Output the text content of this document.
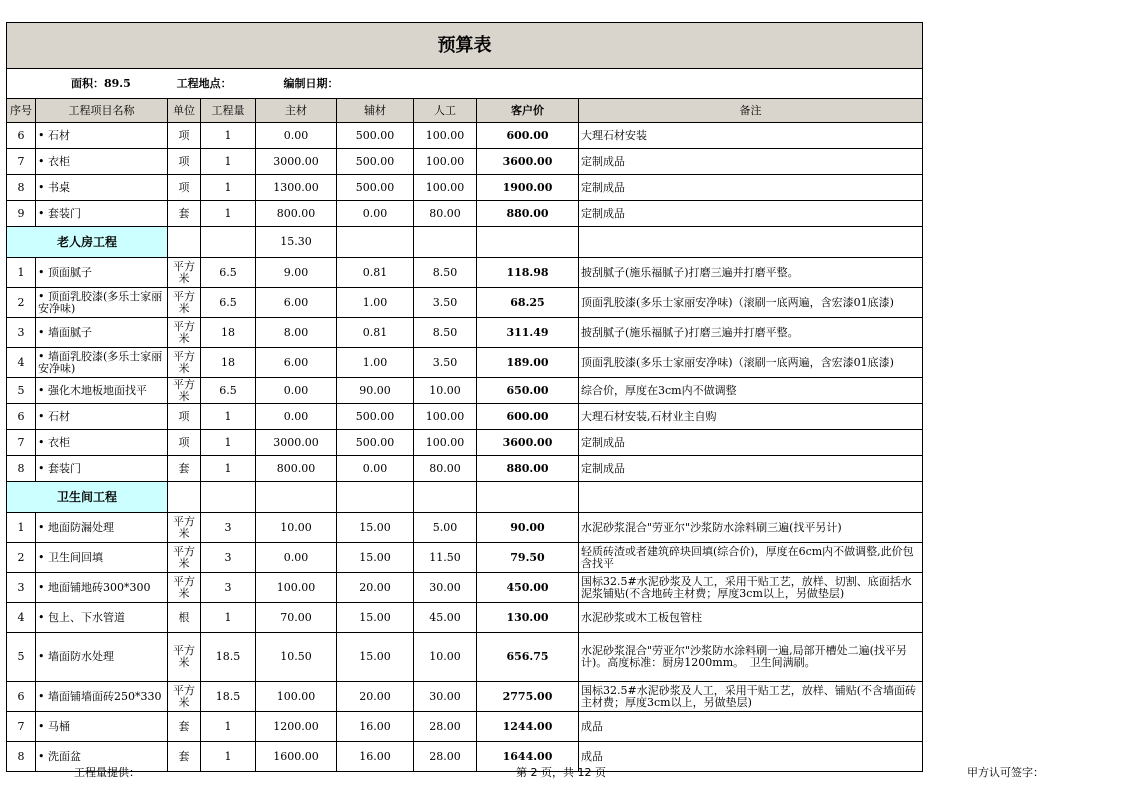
预算表								
面积：89.5 工程地点： 编制日期：								
序号	工程项目名称	单位	工程量	主材	辅材	人工	客户价	备注
6	• 石材	项	1	0.00	500.00	100.00	600.00	大理石材安装
7	• 衣柜	项	1	3000.00	500.00	100.00	3600.00	定制成品
8	• 书桌	项	1	1300.00	500.00	100.00	1900.00	定制成品
9	• 套装门	套	1	800.00	0.00	80.00	880.00	定制成品
老人房工程				15.30				
1	• 顶面腻子	平方米	6.5	9.00	0.81	8.50	118.98	披刮腻子(施乐福腻子)打磨三遍并打磨平整。
2	• 顶面乳胶漆(多乐士家丽安净味)	平方米	6.5	6.00	1.00	3.50	68.25	顶面乳胶漆(多乐士家丽安净味)（滚刷一底两遍，含宏漆01底漆)
3	• 墙面腻子	平方米	18	8.00	0.81	8.50	311.49	披刮腻子(施乐福腻子)打磨三遍并打磨平整。
4	• 墙面乳胶漆(多乐士家丽安净味)	平方米	18	6.00	1.00	3.50	189.00	顶面乳胶漆(多乐士家丽安净味)（滚刷一底两遍，含宏漆01底漆)
5	• 强化木地板地面找平	平方米	6.5	0.00	90.00	10.00	650.00	综合价，厚度在3cm内不做调整
6	• 石材	项	1	0.00	500.00	100.00	600.00	大理石材安装,石材业主自购
7	• 衣柜	项	1	3000.00	500.00	100.00	3600.00	定制成品
8	• 套装门	套	1	800.00	0.00	80.00	880.00	定制成品
卫生间工程								
1	• 地面防漏处理	平方米	3	10.00	15.00	5.00	90.00	水泥砂浆混合"劳亚尔"沙浆防水涂料刷三遍(找平另计)
2	• 卫生间回填	平方米	3	0.00	15.00	11.50	79.50	轻质砖渣或者建筑碎块回填(综合价)，厚度在6cm内不做调整,此价包含找平
3	• 地面铺地砖300*300	平方米	3	100.00	20.00	30.00	450.00	国标32.5#水泥砂浆及人工，采用干贴工艺，放样、切割、底面括水泥浆铺贴(不含地砖主材费；厚度3cm以上，另做垫层)
4	• 包上、下水管道	根	1	70.00	15.00	45.00	130.00	水泥砂浆或木工板包管柱
5	• 墙面防水处理	平方米	18.5	10.50	15.00	10.00	656.75	水泥砂浆混合"劳亚尔"沙浆防水涂料刷一遍,局部开槽处二遍(找平另计)。高度标准：厨房1200mm。　卫生间满刷。
6	• 墙面铺墙面砖250*330	平方米	18.5	100.00	20.00	30.00	2775.00	国标32.5#水泥砂浆及人工，采用干贴工艺，放样、铺贴(不含墙面砖主材费；厚度3cm以上，另做垫层)
7	• 马桶	套	1	1200.00	16.00	28.00	1244.00	成品
8	• 洗面盆	套	1	1600.00	16.00	28.00	1644.00	成品
工程量提供：	第 2 页，共 12 页	甲方认可签字：
